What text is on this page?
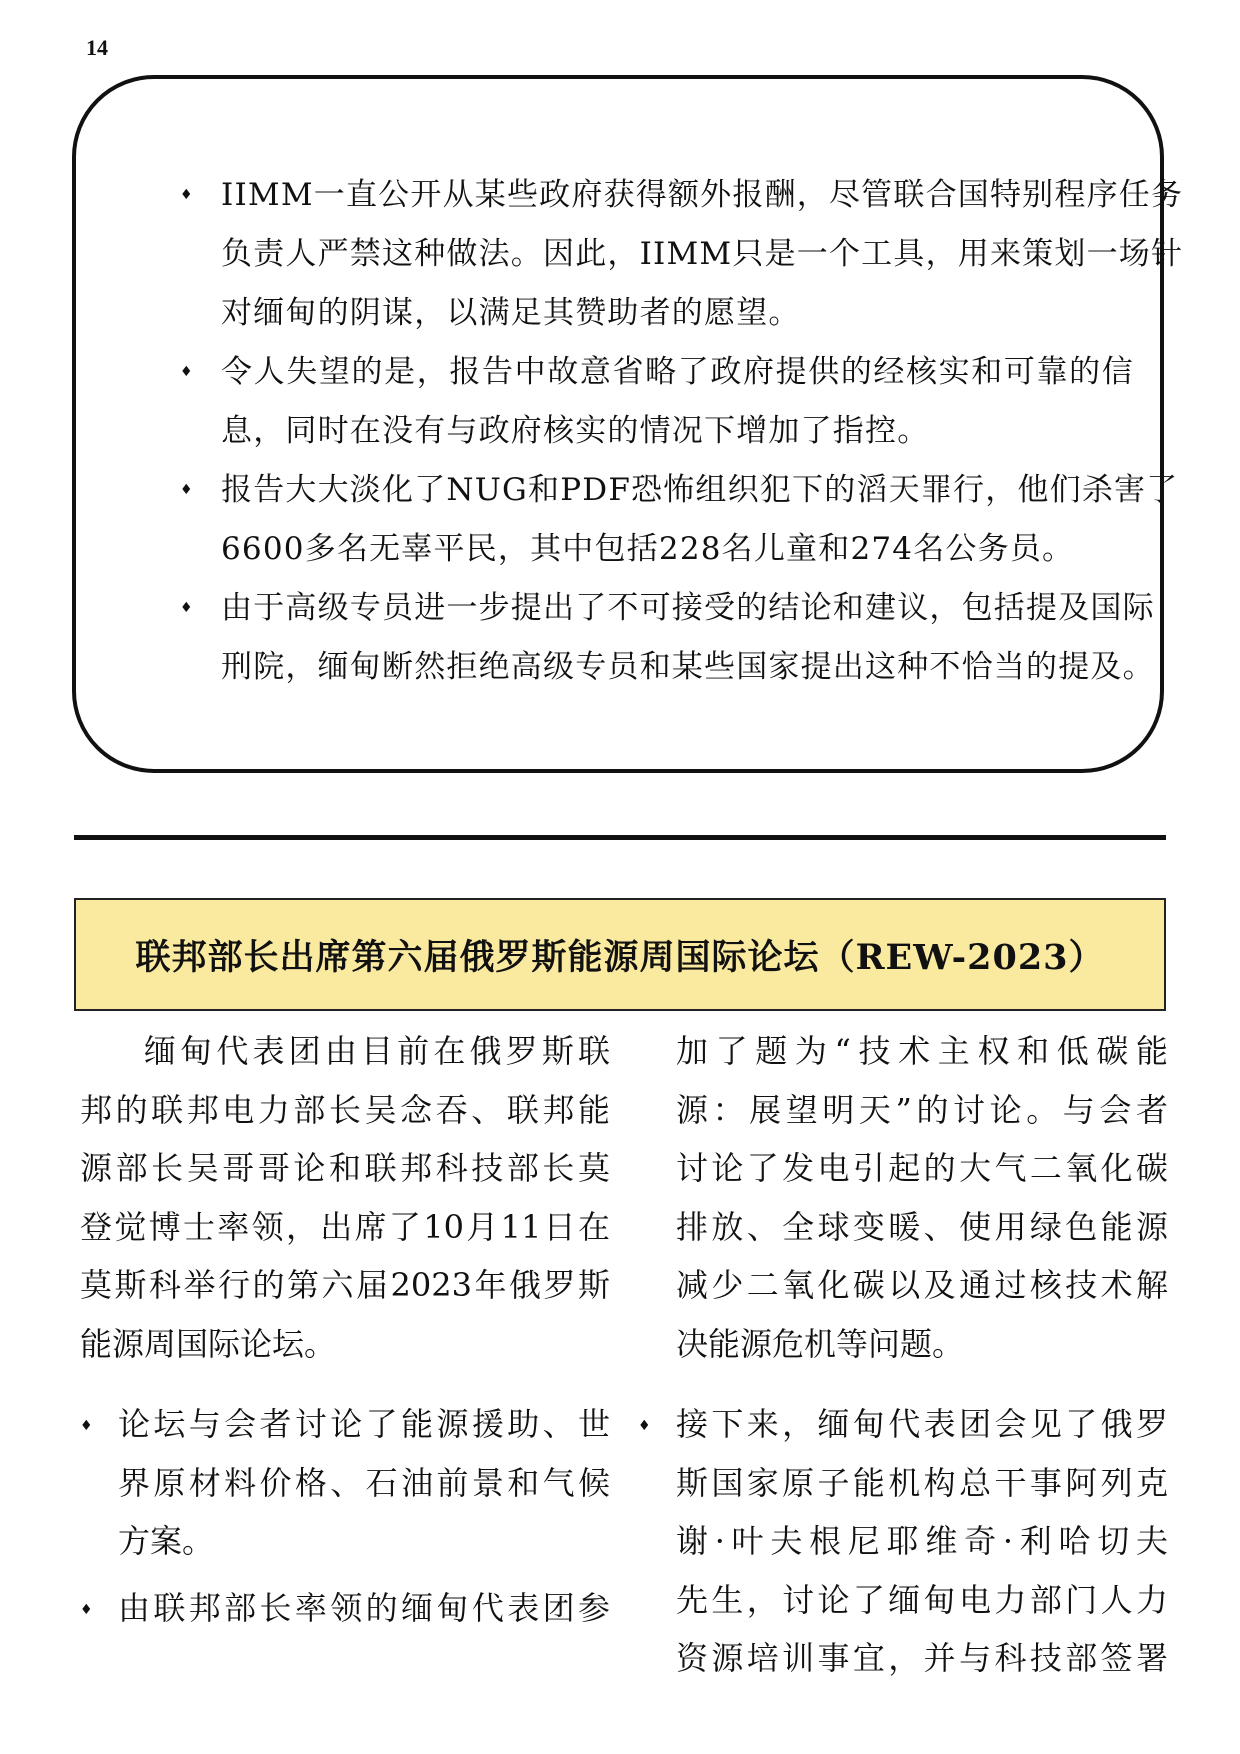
14
♦ IIMM一直公开从某些政府获得额外报酬，尽管联合国特别程序任务
负责人严禁这种做法。因此，IIMM只是一个工具，用来策划一场针
对缅甸的阴谋，以满足其赞助者的愿望。
♦ 令人失望的是，报告中故意省略了政府提供的经核实和可靠的信
息，同时在没有与政府核实的情况下增加了指控。
♦ 报告大大淡化了NUG和PDF恐怖组织犯下的滔天罪行，他们杀害了
6600多名无辜平民，其中包括228名儿童和274名公务员。
♦ 由于高级专员进一步提出了不可接受的结论和建议，包括提及国际
刑院，缅甸断然拒绝高级专员和某些国家提出这种不恰当的提及。
联邦部长出席第六届俄罗斯能源周国际论坛（REW-2023）
缅甸代表团由目前在俄罗斯联
邦的联邦电力部长吴念吞、联邦能
源部长吴哥哥论和联邦科技部长莫
登觉博士率领，出席了10月11日在
莫斯科举行的第六届2023年俄罗斯
能源周国际论坛。
♦ 论坛与会者讨论了能源援助、世
界原材料价格、石油前景和气候
方案。
♦ 由联邦部长率领的缅甸代表团参
加了题为“技术主权和低碳能
源：展望明天”的讨论。与会者
讨论了发电引起的大气二氧化碳
排放、全球变暖、使用绿色能源
减少二氧化碳以及通过核技术解
决能源危机等问题。
♦ 接下来，缅甸代表团会见了俄罗
斯国家原子能机构总干事阿列克
谢·叶夫根尼耶维奇·利哈切夫
先生，讨论了缅甸电力部门人力
资源培训事宜，并与科技部签署
